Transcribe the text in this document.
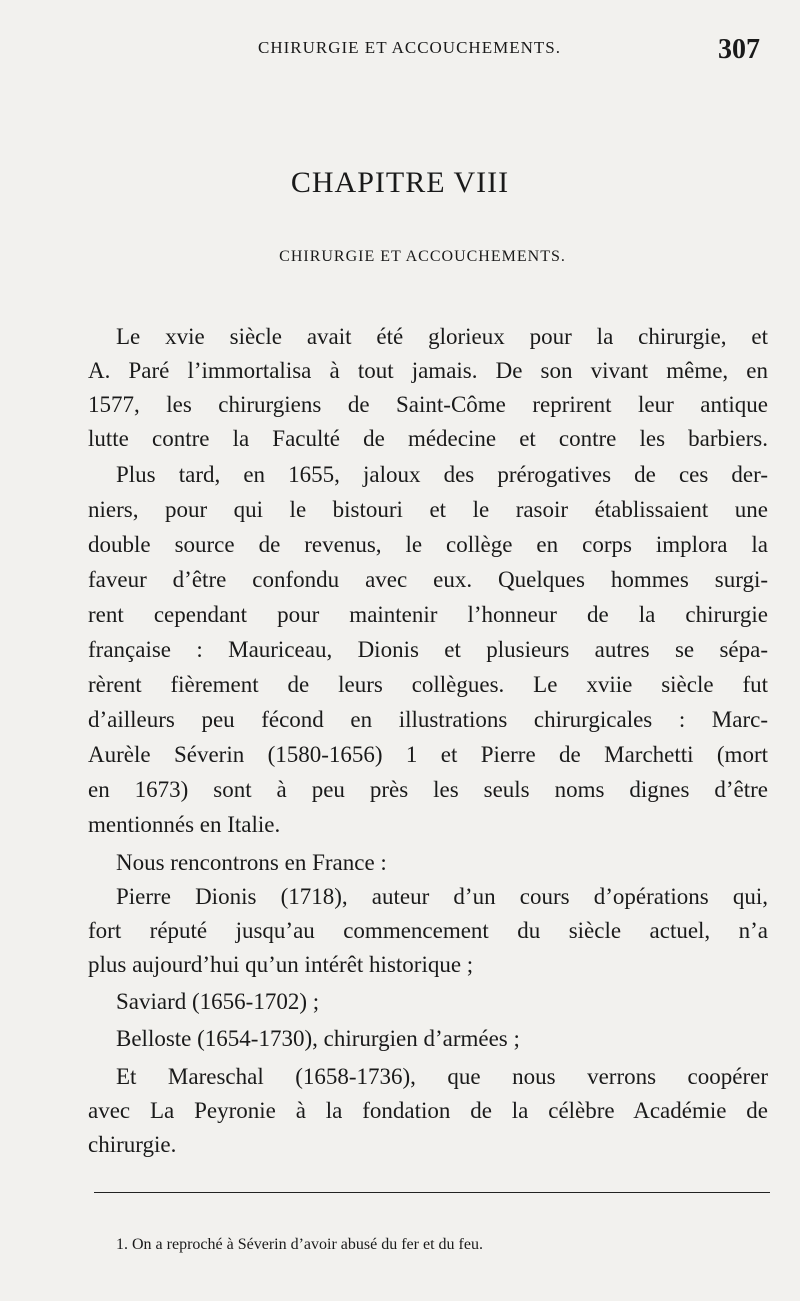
CHIRURGIE ET ACCOUCHEMENTS.	307
CHAPITRE VIII
CHIRURGIE ET ACCOUCHEMENTS.
Le xvie siècle avait été glorieux pour la chirurgie, et
A. Paré l’immortalisa à tout jamais. De son vivant même, en
1577, les chirurgiens de Saint-Côme reprirent leur antique
lutte contre la Faculté de médecine et contre les barbiers.
Plus tard, en 1655, jaloux des prérogatives de ces der-
niers, pour qui le bistouri et le rasoir établissaient une
double source de revenus, le collège en corps implora la
faveur d’être confondu avec eux. Quelques hommes surgi-
rent cependant pour maintenir l’honneur de la chirurgie
française : Mauriceau, Dionis et plusieurs autres se sépa-
rèrent fièrement de leurs collègues. Le xviie siècle fut
d’ailleurs peu fécond en illustrations chirurgicales : Marc-
Aurèle Séverin (1580-1656) 1 et Pierre de Marchetti (mort
en 1673) sont à peu près les seuls noms dignes d’être
mentionnés en Italie.
Nous rencontrons en France :
Pierre Dionis (1718), auteur d’un cours d’opérations qui,
fort réputé jusqu’au commencement du siècle actuel, n’a
plus aujourd’hui qu’un intérêt historique ;
Saviard (1656-1702) ;
Belloste (1654-1730), chirurgien d’armées ;
Et Mareschal (1658-1736), que nous verrons coopérer
avec La Peyronie à la fondation de la célèbre Académie de
chirurgie.
1. On a reproché à Séverin d’avoir abusé du fer et du feu.
